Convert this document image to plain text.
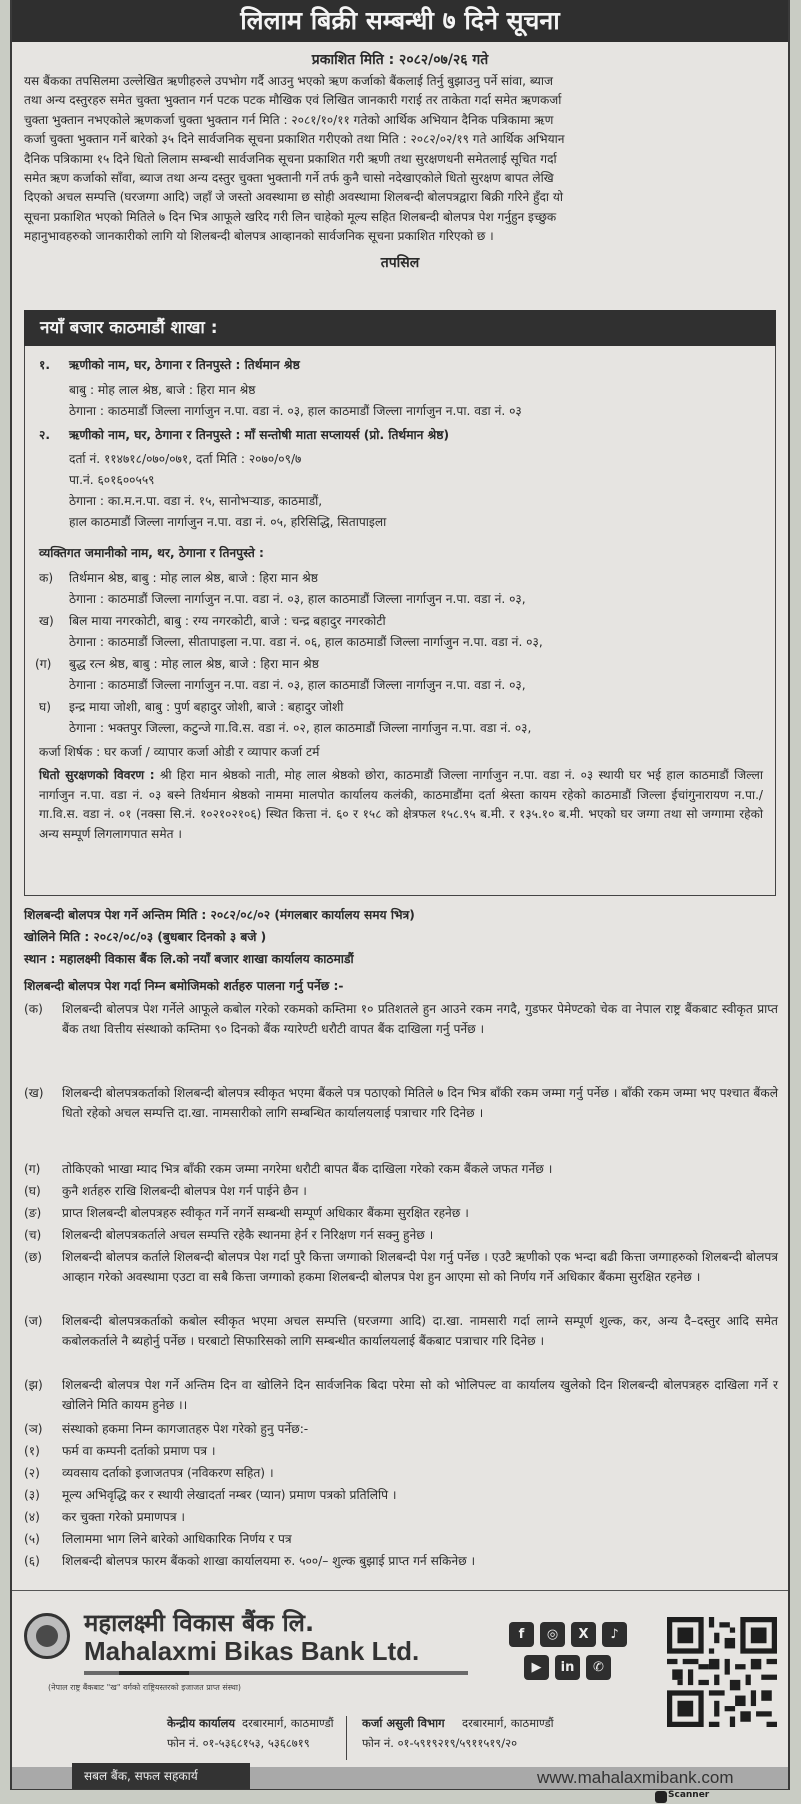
लिलाम बिक्री सम्बन्धी ७ दिने सूचना
प्रकाशित मिति : २०८२/०७/२६ गते
यस बैंकका तपसिलमा उल्लेखित ऋणीहरुले उपभोग गर्दै आउनु भएको ऋण कर्जाको बैंकलाई तिर्नु बुझाउनु पर्ने सांवा, ब्याज
तथा अन्य दस्तुरहरु समेत चुक्ता भुक्तान गर्न पटक पटक मौखिक एवं लिखित जानकारी गराई तर ताकेता गर्दा समेत ऋणकर्जा
चुक्ता भुक्तान नभएकोले ऋणकर्जा चुक्ता भुक्तान गर्न मिति : २०८१/१०/११ गतेको आर्थिक अभियान दैनिक पत्रिकामा ऋण
कर्जा चुक्ता भुक्तान गर्ने बारेको ३५ दिने सार्वजनिक सूचना प्रकाशित गरीएको तथा मिति : २०८२/०२/१९ गते आर्थिक अभियान
दैनिक पत्रिकामा १५ दिने धितो लिलाम सम्बन्धी सार्वजनिक सूचना प्रकाशित गरी ऋणी तथा सुरक्षणधनी समेतलाई सूचित गर्दा
समेत ऋण कर्जाको साँवा, ब्याज तथा अन्य दस्तुर चुक्ता भुक्तानी गर्ने तर्फ कुनै चासो नदेखाएकोले धितो सुरक्षण बापत लेखि
दिएको अचल सम्पत्ति (घरजग्गा आदि) जहाँ जे जस्तो अवस्थामा छ सोही अवस्थामा शिलबन्दी बोलपत्रद्वारा बिक्री गरिने हुँदा यो
सूचना प्रकाशित भएको मितिले ७ दिन भित्र आफूले खरिद गरी लिन चाहेको मूल्य सहित शिलबन्दी बोलपत्र पेश गर्नुहुन इच्छुक
महानुभावहरुको जानकारीको लागि यो शिलबन्दी बोलपत्र आव्हानको सार्वजनिक सूचना प्रकाशित गरिएको छ ।
तपसिल
नयाँ बजार काठमाडौं शाखा :
१. ऋणीको नाम, घर, ठेगाना र तिनपुस्ते : तिर्थमान श्रेष्ठ
बाबु : मोह लाल श्रेष्ठ, बाजे : हिरा मान श्रेष्ठ
ठेगाना : काठमाडौं जिल्ला नार्गाजुन न.पा. वडा नं. ०३, हाल काठमाडौं जिल्ला नार्गाजुन न.पा. वडा नं. ०३
२. ऋणीको नाम, घर, ठेगाना र तिनपुस्ते : माँ सन्तोषी माता सप्लायर्स (प्रो. तिर्थमान श्रेष्ठ)
दर्ता नं. ११४७१८/०७०/०७१, दर्ता मिति : २०७०/०९/७
पा.नं. ६०१६००५५९
ठेगाना : का.म.न.पा. वडा नं. १५, सानोभर्‍याङ, काठमाडौं,
हाल काठमाडौं जिल्ला नार्गाजुन न.पा. वडा नं. ०५, हरिसिद्धि, सितापाइला
व्यक्तिगत जमानीको नाम, थर, ठेगाना र तिनपुस्ते :
क) तिर्थमान श्रेष्ठ, बाबु : मोह लाल श्रेष्ठ, बाजे : हिरा मान श्रेष्ठ
ठेगाना : काठमाडौं जिल्ला नार्गाजुन न.पा. वडा नं. ०३, हाल काठमाडौं जिल्ला नार्गाजुन न.पा. वडा नं. ०३,
ख) बिल माया नगरकोटी, बाबु : रग्य नगरकोटी, बाजे : चन्द्र बहादुर नगरकोटी
ठेगाना : काठमाडौं जिल्ला, सीतापाइला न.पा. वडा नं. ०६, हाल काठमाडौं जिल्ला नार्गाजुन न.पा. वडा नं. ०३,
(ग) बुद्ध रत्न श्रेष्ठ, बाबु : मोह लाल श्रेष्ठ, बाजे : हिरा मान श्रेष्ठ
ठेगाना : काठमाडौं जिल्ला नार्गाजुन न.पा. वडा नं. ०३, हाल काठमाडौं जिल्ला नार्गाजुन न.पा. वडा नं. ०३,
घ) इन्द्र माया जोशी, बाबु : पुर्ण बहादुर जोशी, बाजे : बहादुर जोशी
ठेगाना : भक्तपुर जिल्ला, कटुन्जे गा.वि.स. वडा नं. ०२, हाल काठमाडौं जिल्ला नार्गाजुन न.पा. वडा नं. ०३,
कर्जा शिर्षक : घर कर्जा / व्यापार कर्जा ओडी र व्यापार कर्जा टर्म
धितो सुरक्षणको विवरण : श्री हिरा मान श्रेष्ठको नाती, मोह लाल श्रेष्ठको छोरा, काठमाडौं जिल्ला नार्गाजुन न.पा. वडा नं. ०३ स्थायी घर भई हाल काठमाडौं जिल्ला नार्गाजुन न.पा. वडा नं. ०३ बस्ने तिर्थमान श्रेष्ठको नाममा मालपोत कार्यालय कलंकी, काठमाडौंमा दर्ता श्रेस्ता कायम रहेको काठमाडौं जिल्ला ईचांगुनारायण न.पा./गा.वि.स. वडा नं. ०१ (नक्सा सि.नं. १०२१०२१०६) स्थित कित्ता नं. ६० र १५८ को क्षेत्रफल १५८.९५ ब.मी. र १३५.१० ब.मी. भएको घर जग्गा तथा सो जग्गामा रहेको अन्य सम्पूर्ण लिगलागपात समेत ।
शिलबन्दी बोलपत्र पेश गर्ने अन्तिम मिति : २०८२/०८/०२ (मंगलबार कार्यालय समय भित्र)
खोलिने मिति : २०८२/०८/०३ (बुधबार दिनको ३ बजे )
स्थान : महालक्ष्मी विकास बैंक लि.को नयाँ बजार शाखा कार्यालय काठमाडौं
शिलबन्दी बोलपत्र पेश गर्दा निम्न बमोजिमको शर्तहरु पालना गर्नु पर्नेछ :-
(क)	शिलबन्दी बोलपत्र पेश गर्नेले आफूले कबोल गरेको रकमको कम्तिमा १० प्रतिशतले हुन आउने रकम नगदै, गुडफर पेमेण्टको चेक वा नेपाल राष्ट्र बैंकबाट स्वीकृत प्राप्त बैंक तथा वित्तीय संस्थाको कम्तिमा ९० दिनको बैंक ग्यारेण्टी धरौटी वापत बैंक दाखिला गर्नु पर्नेछ ।
(ख)	शिलबन्दी बोलपत्रकर्ताको शिलबन्दी बोलपत्र स्वीकृत भएमा बैंकले पत्र पठाएको मितिले ७ दिन भित्र बाँकी रकम जम्मा गर्नु पर्नेछ । बाँकी रकम जम्मा भए पश्चात बैंकले धितो रहेको अचल सम्पत्ति दा.खा. नामसारीको लागि सम्बन्धित कार्यालयलाई पत्राचार गरि दिनेछ ।
(ग)	तोकिएको भाखा म्याद भित्र बाँकी रकम जम्मा नगरेमा धरौटी बापत बैंक दाखिला गरेको रकम बैंकले जफत गर्नेछ ।
(घ)	कुनै शर्तहरु राखि शिलबन्दी बोलपत्र पेश गर्न पाईने छैन ।
(ङ)	प्राप्त शिलबन्दी बोलपत्रहरु स्वीकृत गर्ने नगर्ने सम्बन्धी सम्पूर्ण अधिकार बैंकमा सुरक्षित रहनेछ ।
(च)	शिलबन्दी बोलपत्रकर्ताले अचल सम्पत्ति रहेकै स्थानमा हेर्न र निरिक्षण गर्न सक्नु हुनेछ ।
(छ)	शिलबन्दी बोलपत्र कर्ताले शिलबन्दी बोलपत्र पेश गर्दा पुरै कित्ता जग्गाको शिलबन्दी पेश गर्नु पर्नेछ । एउटै ऋणीको एक भन्दा बढी कित्ता जग्गाहरुको शिलबन्दी बोलपत्र आव्हान गरेको अवस्थामा एउटा वा सबै कित्ता जग्गाको हकमा शिलबन्दी बोलपत्र पेश हुन आएमा सो को निर्णय गर्ने अधिकार बैंकमा सुरक्षित रहनेछ ।
(ज)	शिलबन्दी बोलपत्रकर्ताको कबोल स्वीकृत भएमा अचल सम्पत्ति (घरजग्गा आदि) दा.खा. नामसारी गर्दा लाग्ने सम्पूर्ण शुल्क, कर, अन्य दै–दस्तुर आदि समेत कबोलकर्ताले नै ब्यहोर्नु पर्नेछ । घरबाटो सिफारिसको लागि सम्बन्धीत कार्यालयलाई बैंकबाट पत्राचार गरि दिनेछ ।
(झ)	शिलबन्दी बोलपत्र पेश गर्ने अन्तिम दिन वा खोलिने दिन सार्वजनिक बिदा परेमा सो को भोलिपल्ट वा कार्यालय खुलेको दिन शिलबन्दी बोलपत्रहरु दाखिला गर्ने र खोलिने मिति कायम हुनेछ ।।
(ञ)	संस्थाको हकमा निम्न कागजातहरु पेश गरेको हुनु पर्नेछ:-
(१)	फर्म वा कम्पनी दर्ताको प्रमाण पत्र ।
(२)	व्यवसाय दर्ताको इजाजतपत्र (नविकरण सहित) ।
(३)	मूल्य अभिवृद्धि कर र स्थायी लेखादर्ता नम्बर (प्यान) प्रमाण पत्रको प्रतिलिपि ।
(४)	कर चुक्ता गरेको प्रमाणपत्र ।
(५)	लिलाममा भाग लिने बारेको आधिकारिक निर्णय र पत्र
(६)	शिलबन्दी बोलपत्र फारम बैंकको शाखा कार्यालयमा रु. ५००/– शुल्क बुझाई प्राप्त गर्न सकिनेछ ।
महालक्ष्मी विकास बैंक लि.
Mahalaxmi Bikas Bank Ltd.
(नेपाल राष्ट्र बैंकबाट "ख" वर्गको राष्ट्रियस्तरको इजाजत प्राप्त संस्था)
केन्द्रीय कार्यालय दरबारमार्ग, काठमाण्डौं
फोन नं. ०१-५३६८१५३, ५३६८७१९
कर्जा असुली विभाग दरबारमार्ग, काठमाण्डौं
फोन नं. ०१-५९१९२१९/५९११५१९/२०
f	◎	X	♪
▶	in	✆
सबल बैंक, सफल सहकार्य	www.mahalaxmibank.com
Scanner
